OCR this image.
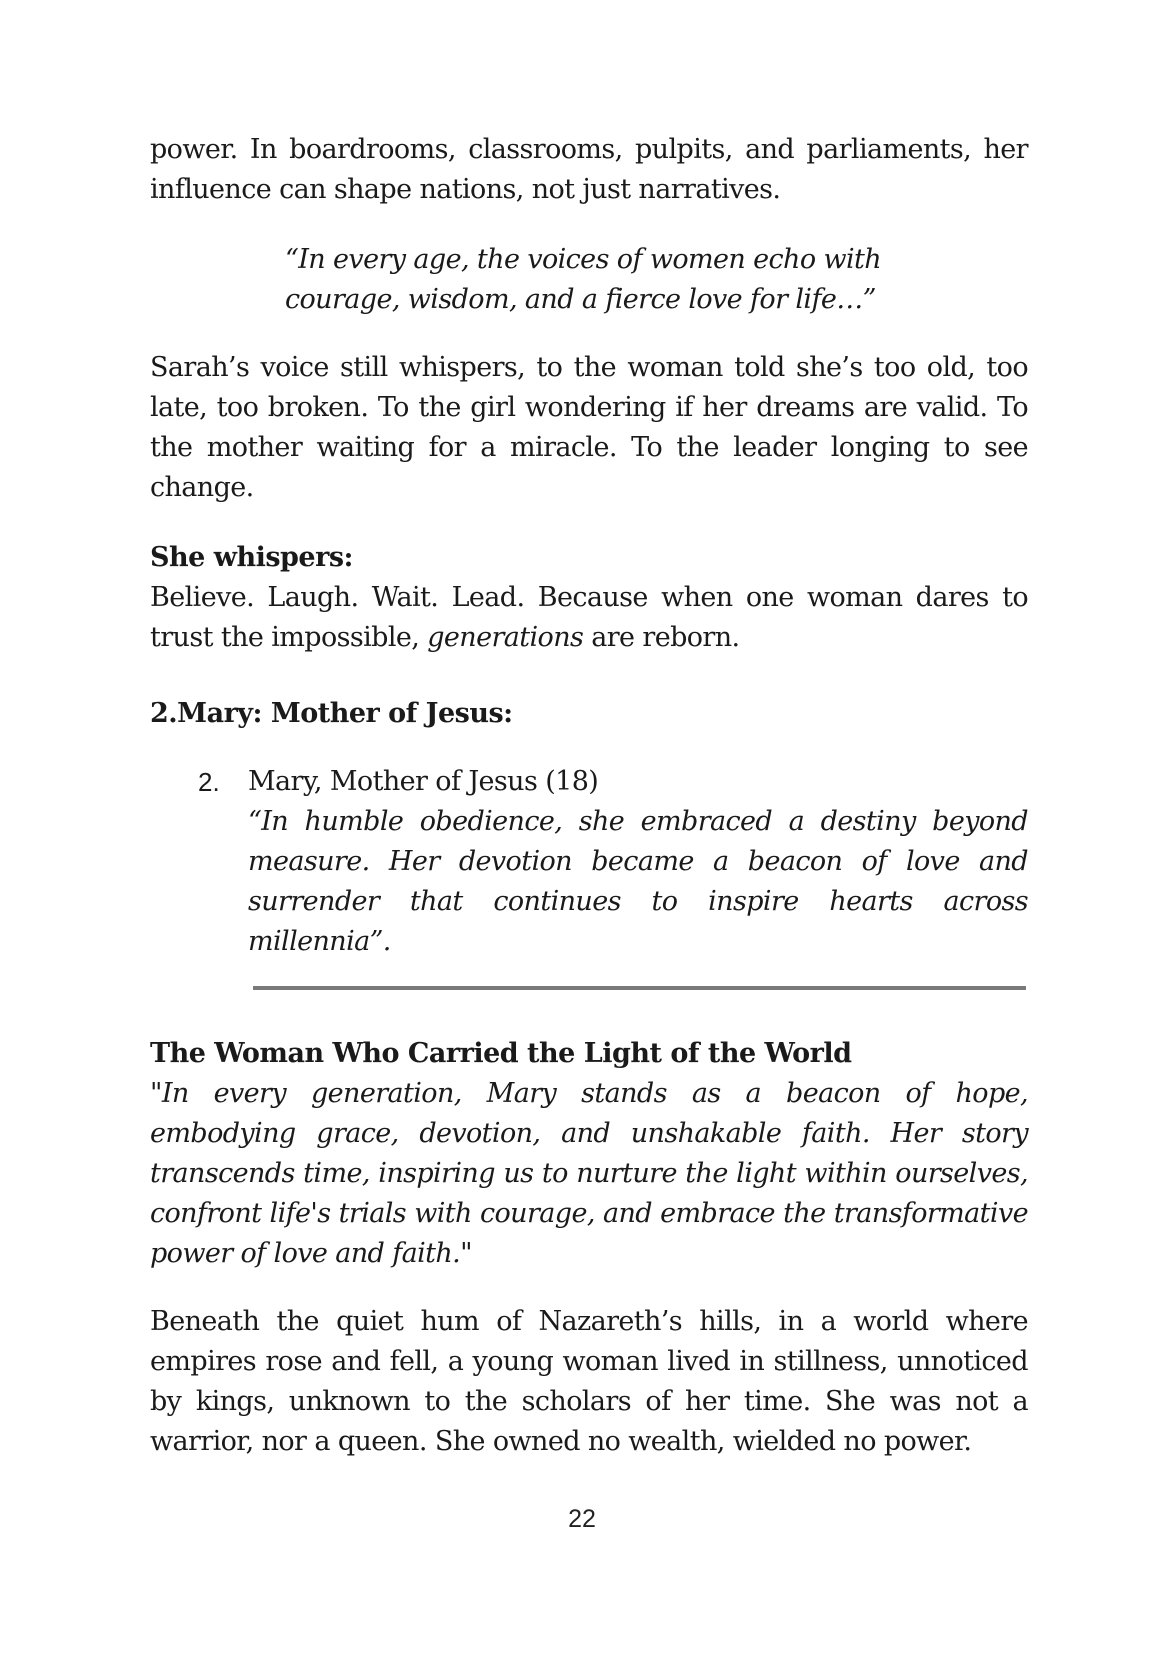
power. In boardrooms, classrooms, pulpits, and parliaments, her influence can shape nations, not just narratives.

“In every age, the voices of women echo with
courage, wisdom, and a fierce love for life…”

Sarah’s voice still whispers, to the woman told she’s too old, too late, too broken. To the girl wondering if her dreams are valid. To the mother waiting for a miracle. To the leader longing to see change.

She whispers:

Believe. Laugh. Wait. Lead. Because when one woman dares to trust the impossible, generations are reborn.

2.Mary: Mother of Jesus:
2. Mary, Mother of Jesus (18)
“In humble obedience, she embraced a destiny beyond measure. Her devotion became a beacon of love and surrender that continues to inspire hearts across millennia”.
The Woman Who Carried the Light of the World

"In every generation, Mary stands as a beacon of hope, embodying grace, devotion, and unshakable faith. Her story transcends time, inspiring us to nurture the light within ourselves, confront life's trials with courage, and embrace the transformative power of love and faith."

Beneath the quiet hum of Nazareth’s hills, in a world where empires rose and fell, a young woman lived in stillness, unnoticed by kings, unknown to the scholars of her time. She was not a warrior, nor a queen. She owned no wealth, wielded no power.

22
